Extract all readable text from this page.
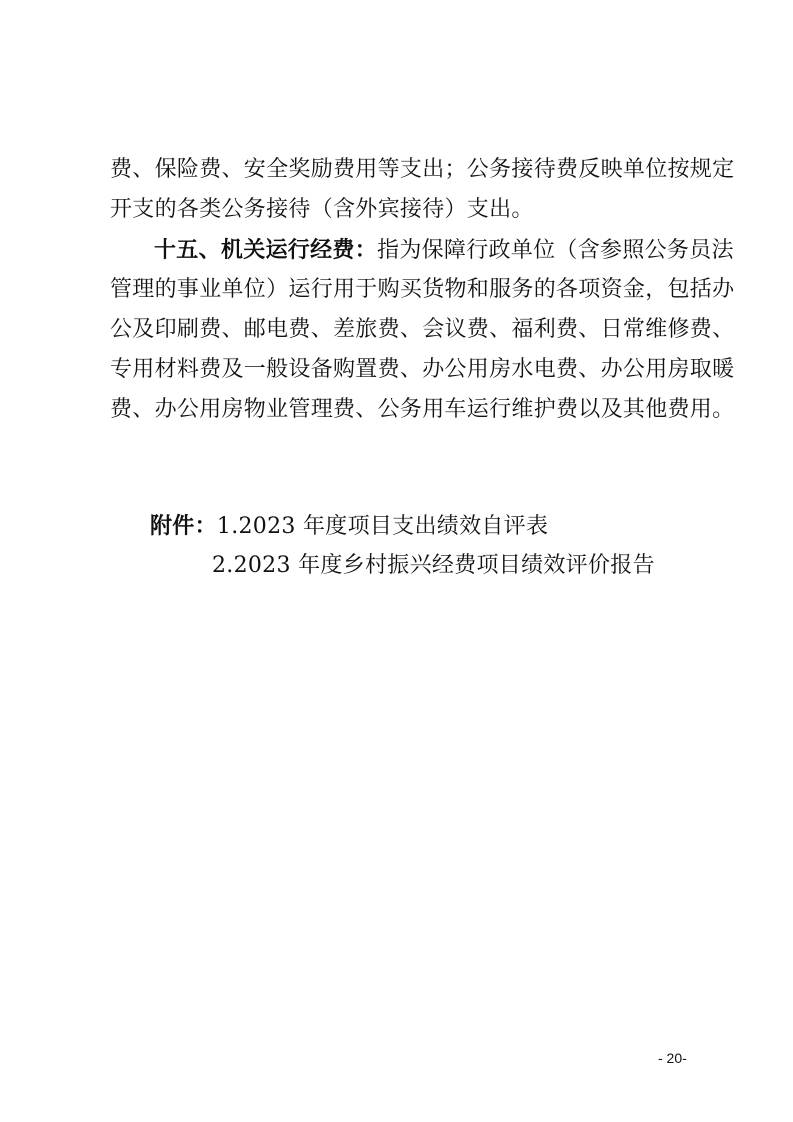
费、保险费、安全奖励费用等支出；公务接待费反映单位按规定
开支的各类公务接待（含外宾接待）支出。
十五、机关运行经费：指为保障行政单位（含参照公务员法
管理的事业单位）运行用于购买货物和服务的各项资金，包括办
公及印刷费、邮电费、差旅费、会议费、福利费、日常维修费、
专用材料费及一般设备购置费、办公用房水电费、办公用房取暖
费、办公用房物业管理费、公务用车运行维护费以及其他费用。
附件：1.2023 年度项目支出绩效自评表
2.2023 年度乡村振兴经费项目绩效评价报告
- 20-
